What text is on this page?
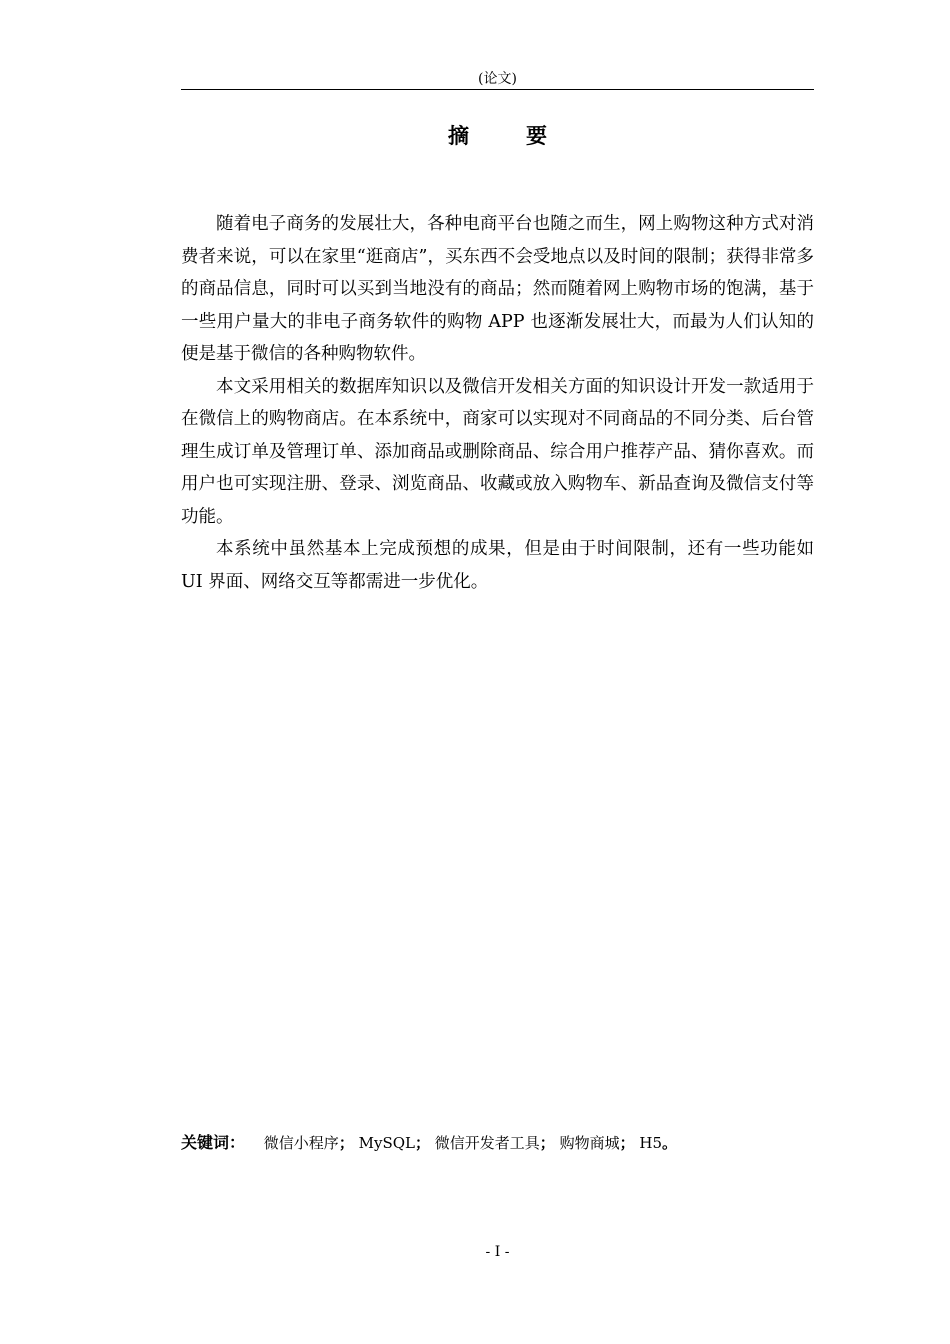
(论文)
摘　要

随着电子商务的发展壮大，各种电商平台也随之而生，网上购物这种方式对消费者来说，可以在家里“逛商店”，买东西不会受地点以及时间的限制；获得非常多的商品信息，同时可以买到当地没有的商品；然而随着网上购物市场的饱满，基于一些用户量大的非电子商务软件的购物 APP 也逐渐发展壮大，而最为人们认知的便是基于微信的各种购物软件。

本文采用相关的数据库知识以及微信开发相关方面的知识设计开发一款适用于在微信上的购物商店。在本系统中，商家可以实现对不同商品的不同分类、后台管理生成订单及管理订单、添加商品或删除商品、综合用户推荐产品、猜你喜欢。而用户也可实现注册、登录、浏览商品、收藏或放入购物车、新品查询及微信支付等功能。

本系统中虽然基本上完成预想的成果，但是由于时间限制，还有一些功能如 UI 界面、网络交互等都需进一步优化。

关键词： 微信小程序； MySQL； 微信开发者工具； 购物商城； H5。
- I -
